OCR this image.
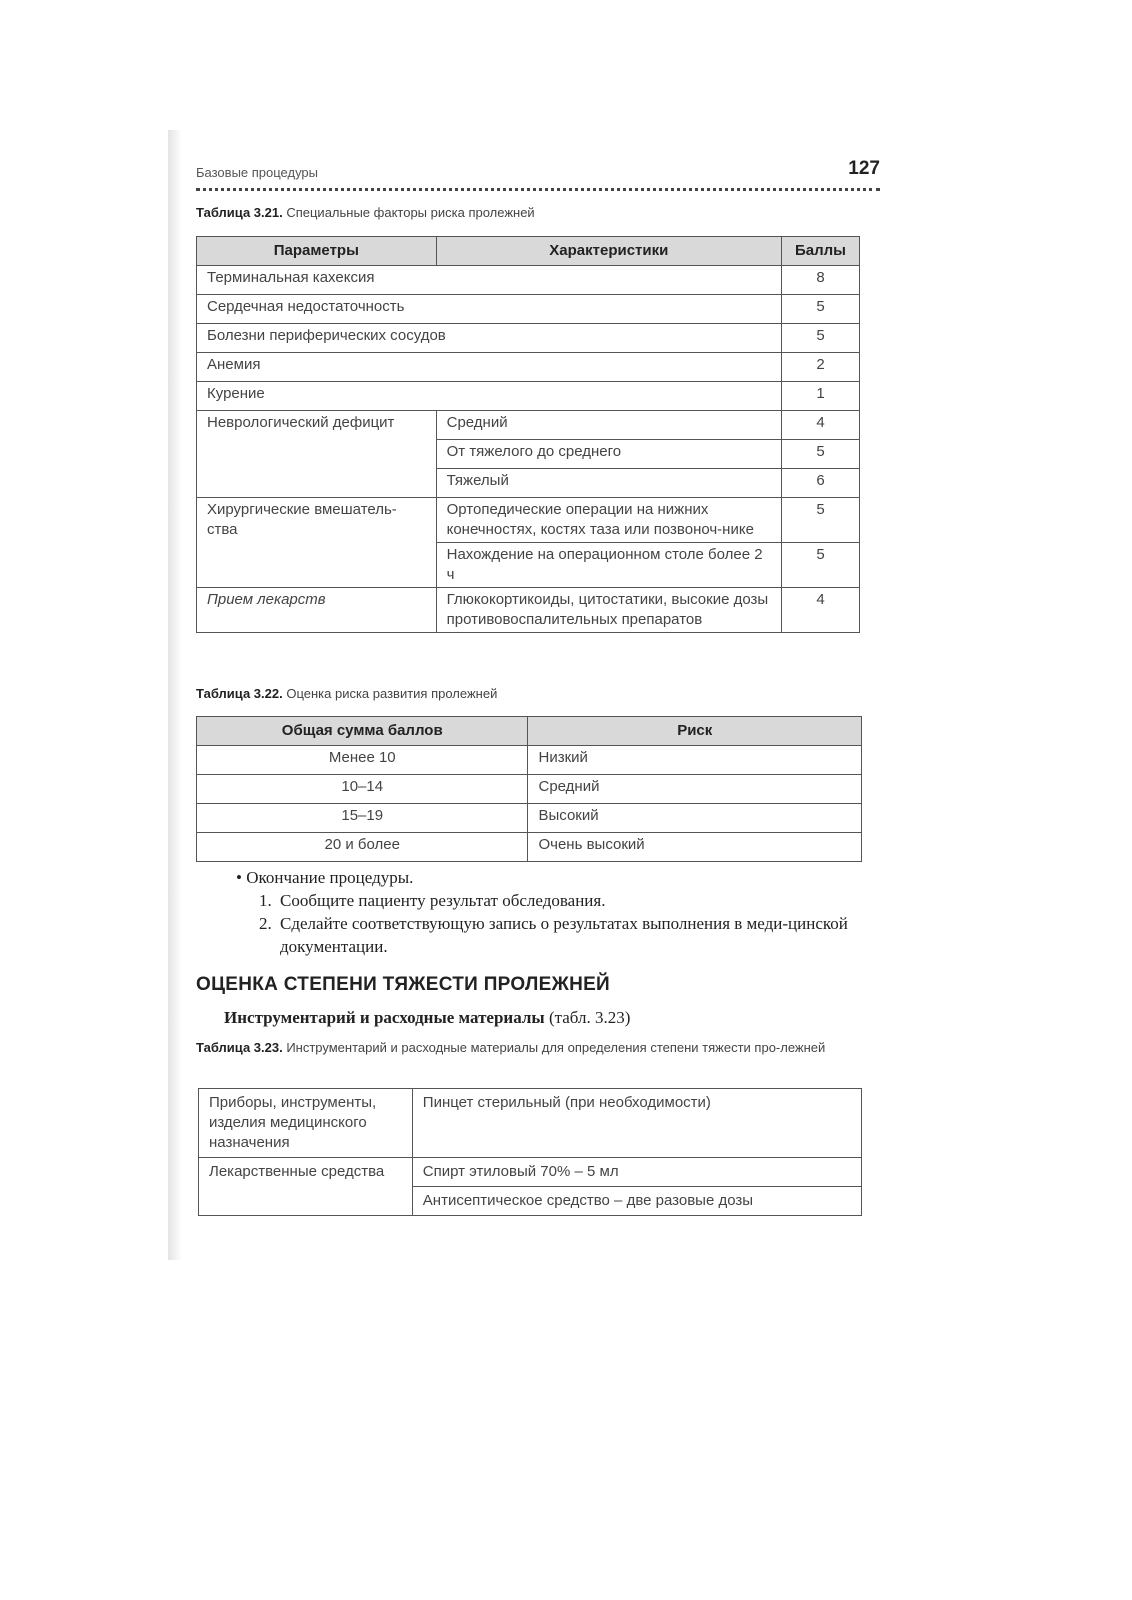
Базовые процедуры	127
Таблица 3.21. Специальные факторы риска пролежней
Параметры	Характеристики	Баллы
Терминальная кахексия		8
Сердечная недостаточность		5
Болезни периферических сосудов		5
Анемия		2
Курение		1
Неврологический дефицит	Средний	4
	От тяжелого до среднего	5
	Тяжелый	6
Хирургические вмешатель-ства	Ортопедические операции на нижних конечностях, костях таза или позвоноч-нике	5
	Нахождение на операционном столе более 2 ч	5
Прием лекарств	Глюкокортикоиды, цитостатики, высокие дозы противовоспалительных препаратов	4
Таблица 3.22. Оценка риска развития пролежней
Общая сумма баллов	Риск
Менее 10	Низкий
10–14	Средний
15–19	Высокий
20 и более	Очень высокий
• Окончание процедуры.
1. Сообщите пациенту результат обследования.
2. Сделайте соответствующую запись о результатах выполнения в меди-цинской документации.
ОЦЕНКА СТЕПЕНИ ТЯЖЕСТИ ПРОЛЕЖНЕЙ
Инструментарий и расходные материалы (табл. 3.23)
Таблица 3.23. Инструментарий и расходные материалы для определения степени тяжести про-лежней
Приборы, инструменты, изделия медицинского назначения	Пинцет стерильный (при необходимости)
Лекарственные средства	Спирт этиловый 70% – 5 мл
	Антисептическое средство – две разовые дозы
